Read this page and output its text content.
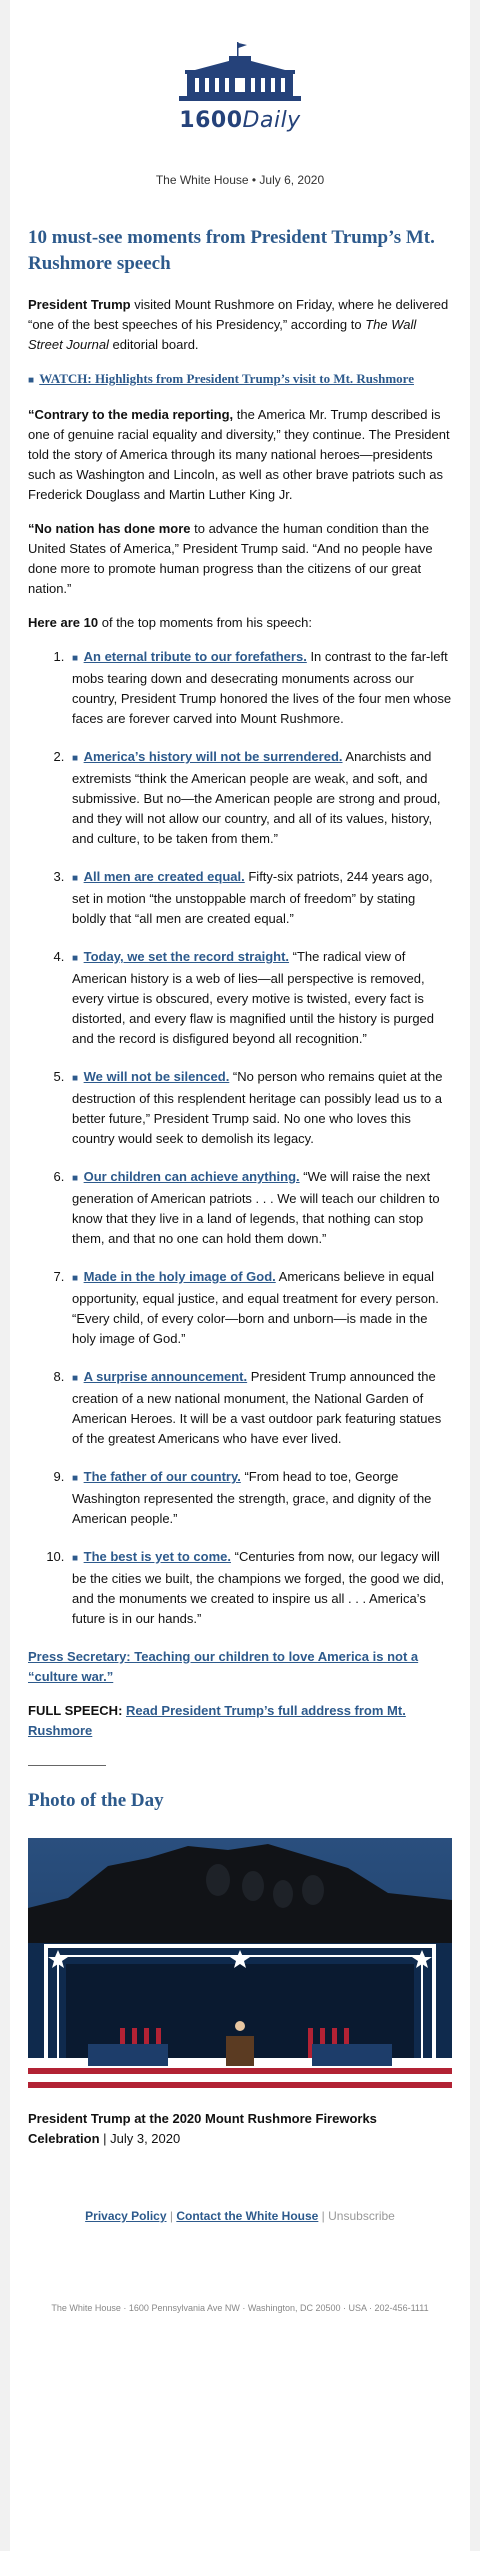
1600Daily
The White House • July 6, 2020
10 must-see moments from President Trump’s Mt. Rushmore speech

President Trump visited Mount Rushmore on Friday, where he delivered “one of the best speeches of his Presidency,” according to The Wall Street Journal editorial board.

■ WATCH: Highlights from President Trump’s visit to Mt. Rushmore

“Contrary to the media reporting, the America Mr. Trump described is one of genuine racial equality and diversity,” they continue. The President told the story of America through its many national heroes—presidents such as Washington and Lincoln, as well as other brave patriots such as Frederick Douglass and Martin Luther King Jr.

“No nation has done more to advance the human condition than the United States of America,” President Trump said. “And no people have done more to promote human progress than the citizens of our great nation.”

Here are 10 of the top moments from his speech:

1. ■ An eternal tribute to our forefathers. In contrast to the far-left mobs tearing down and desecrating monuments across our country, President Trump honored the lives of the four men whose faces are forever carved into Mount Rushmore.
2. ■ America’s history will not be surrendered. Anarchists and extremists “think the American people are weak, and soft, and submissive. But no—the American people are strong and proud, and they will not allow our country, and all of its values, history, and culture, to be taken from them.”
3. ■ All men are created equal. Fifty-six patriots, 244 years ago, set in motion “the unstoppable march of freedom” by stating boldly that “all men are created equal.”
4. ■ Today, we set the record straight. “The radical view of American history is a web of lies—all perspective is removed, every virtue is obscured, every motive is twisted, every fact is distorted, and every flaw is magnified until the history is purged and the record is disfigured beyond all recognition.”
5. ■ We will not be silenced. “No person who remains quiet at the destruction of this resplendent heritage can possibly lead us to a better future,” President Trump said. No one who loves this country would seek to demolish its legacy.
6. ■ Our children can achieve anything. “We will raise the next generation of American patriots . . . We will teach our children to know that they live in a land of legends, that nothing can stop them, and that no one can hold them down.”
7. ■ Made in the holy image of God. Americans believe in equal opportunity, equal justice, and equal treatment for every person. “Every child, of every color—born and unborn—is made in the holy image of God.”
8. ■ A surprise announcement. President Trump announced the creation of a new national monument, the National Garden of American Heroes. It will be a vast outdoor park featuring statues of the greatest Americans who have ever lived.
9. ■ The father of our country. “From head to toe, George Washington represented the strength, grace, and dignity of the American people.”
10. ■ The best is yet to come. “Centuries from now, our legacy will be the cities we built, the champions we forged, the good we did, and the monuments we created to inspire us all . . . America’s future is in our hands.”

Press Secretary: Teaching our children to love America is not a “culture war.”

FULL SPEECH: Read President Trump’s full address from Mt. Rushmore

Photo of the Day

President Trump at the 2020 Mount Rushmore Fireworks Celebration | July 3, 2020

Privacy Policy | Contact the White House | Unsubscribe
The White House · 1600 Pennsylvania Ave NW · Washington, DC 20500 · USA · 202-456-1111
